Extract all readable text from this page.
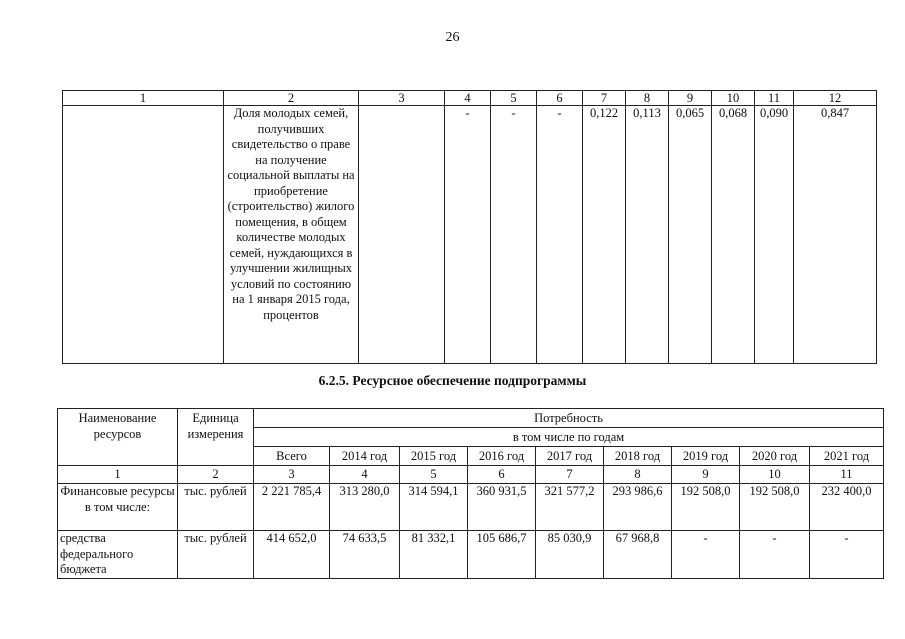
26
1	2	3	4	5	6	7	8	9	10	11	12
	Доля молодых семей, получивших свидетельство о праве на получение социальной выплаты на приобретение (строительство) жилого помещения, в общем количестве молодых семей, нуждающихся в улучшении жилищных условий по состоянию на 1 января 2015 года, процентов		-	-	-	0,122	0,113	0,065	0,068	0,090	0,847
6.2.5. Ресурсное обеспечение подпрограммы
Наименование ресурсов	Единица измерения	Потребность								
		в том числе по годам								
		Всего	2014 год	2015 год	2016 год	2017 год	2018 год	2019 год	2020 год	2021 год
1	2	3	4	5	6	7	8	9	10	11
Финансовые ресурсы в том числе:	тыс. рублей	2 221 785,4	313 280,0	314 594,1	360 931,5	321 577,2	293 986,6	192 508,0	192 508,0	232 400,0
средства федерального бюджета	тыс. рублей	414 652,0	74 633,5	81 332,1	105 686,7	85 030,9	67 968,8	-	-	-
